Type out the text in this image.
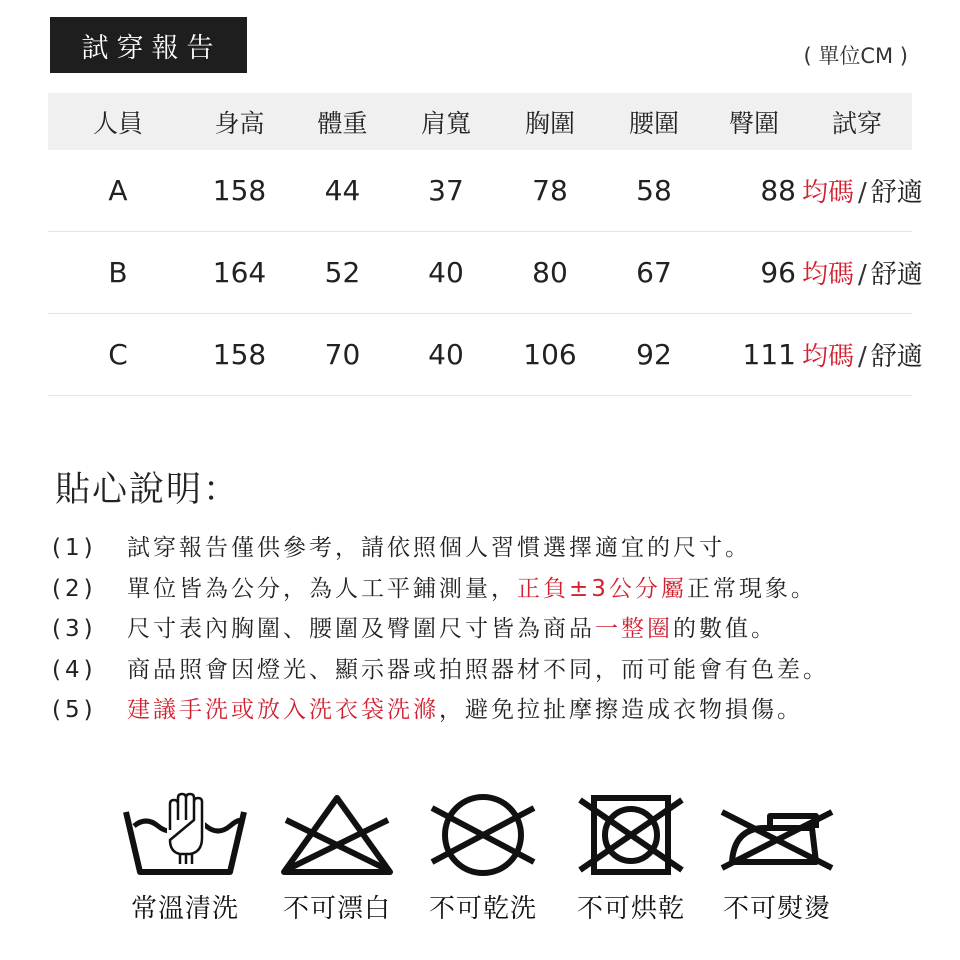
試穿報告	( 單位CM )
人員	身高	體重	肩寬	胸圍	腰圍	臀圍	試穿
A	158	44	37	78	58	88	均碼 / 舒適
B	164	52	40	80	67	96	均碼 / 舒適
C	158	70	40	106	92	111	均碼 / 舒適
貼心說明：
(1) 試穿報告僅供參考，請依照個人習慣選擇適宜的尺寸。
(2) 單位皆為公分，為人工平鋪測量，正負±3公分屬正常現象。
(3) 尺寸表內胸圍、腰圍及臀圍尺寸皆為商品一整圈的數值。
(4) 商品照會因燈光、顯示器或拍照器材不同，而可能會有色差。
(5) 建議手洗或放入洗衣袋洗滌，避免拉扯摩擦造成衣物損傷。
常溫清洗	不可漂白	不可乾洗	不可烘乾	不可熨燙
